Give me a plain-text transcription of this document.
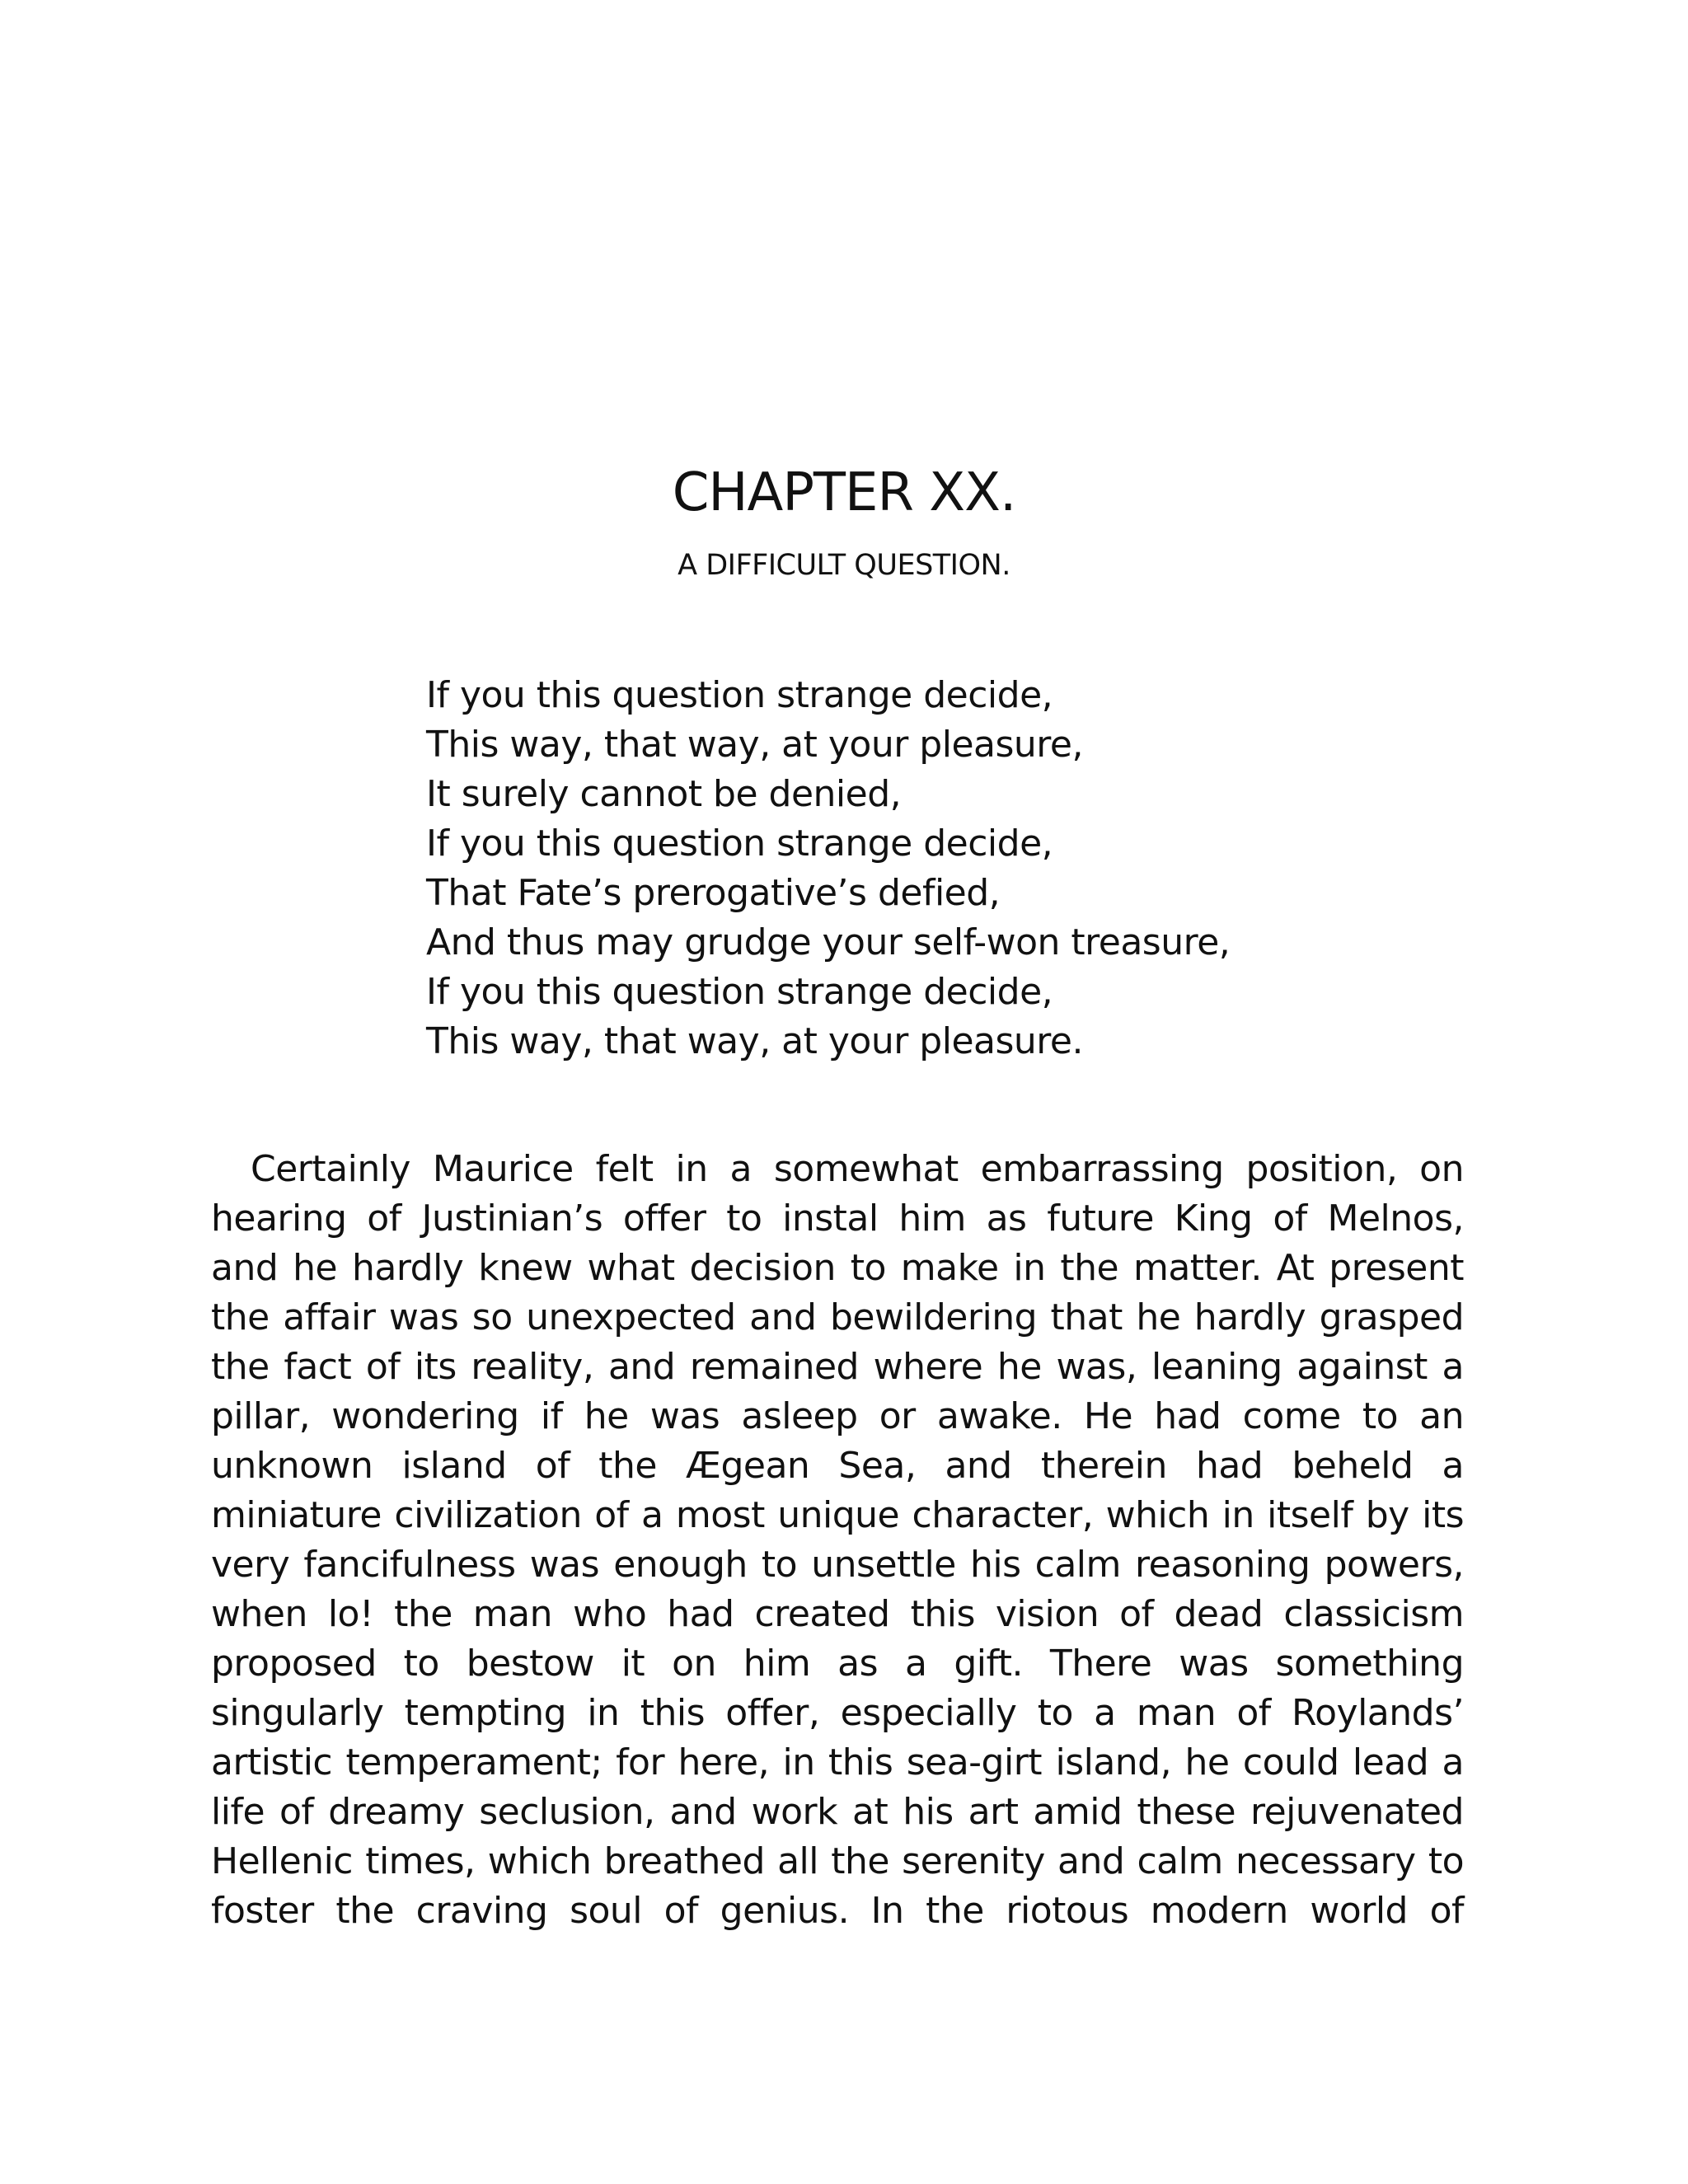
CHAPTER XX.
A DIFFICULT QUESTION.
If you this question strange decide,
This way, that way, at your pleasure,
It surely cannot be denied,
If you this question strange decide,
That Fate’s prerogative’s defied,
And thus may grudge your self-won treasure,
If you this question strange decide,
This way, that way, at your pleasure.
Certainly Maurice felt in a somewhat embarrassing position, on
hearing of Justinian’s offer to instal him as future King of Melnos,
and he hardly knew what decision to make in the matter. At present
the affair was so unexpected and bewildering that he hardly grasped
the fact of its reality, and remained where he was, leaning against a
pillar, wondering if he was asleep or awake. He had come to an
unknown island of the Ægean Sea, and therein had beheld a
miniature civilization of a most unique character, which in itself by its
very fancifulness was enough to unsettle his calm reasoning powers,
when lo! the man who had created this vision of dead classicism
proposed to bestow it on him as a gift. There was something
singularly tempting in this offer, especially to a man of Roylands’
artistic temperament; for here, in this sea-girt island, he could lead a
life of dreamy seclusion, and work at his art amid these rejuvenated
Hellenic times, which breathed all the serenity and calm necessary to
foster the craving soul of genius. In the riotous modern world of
